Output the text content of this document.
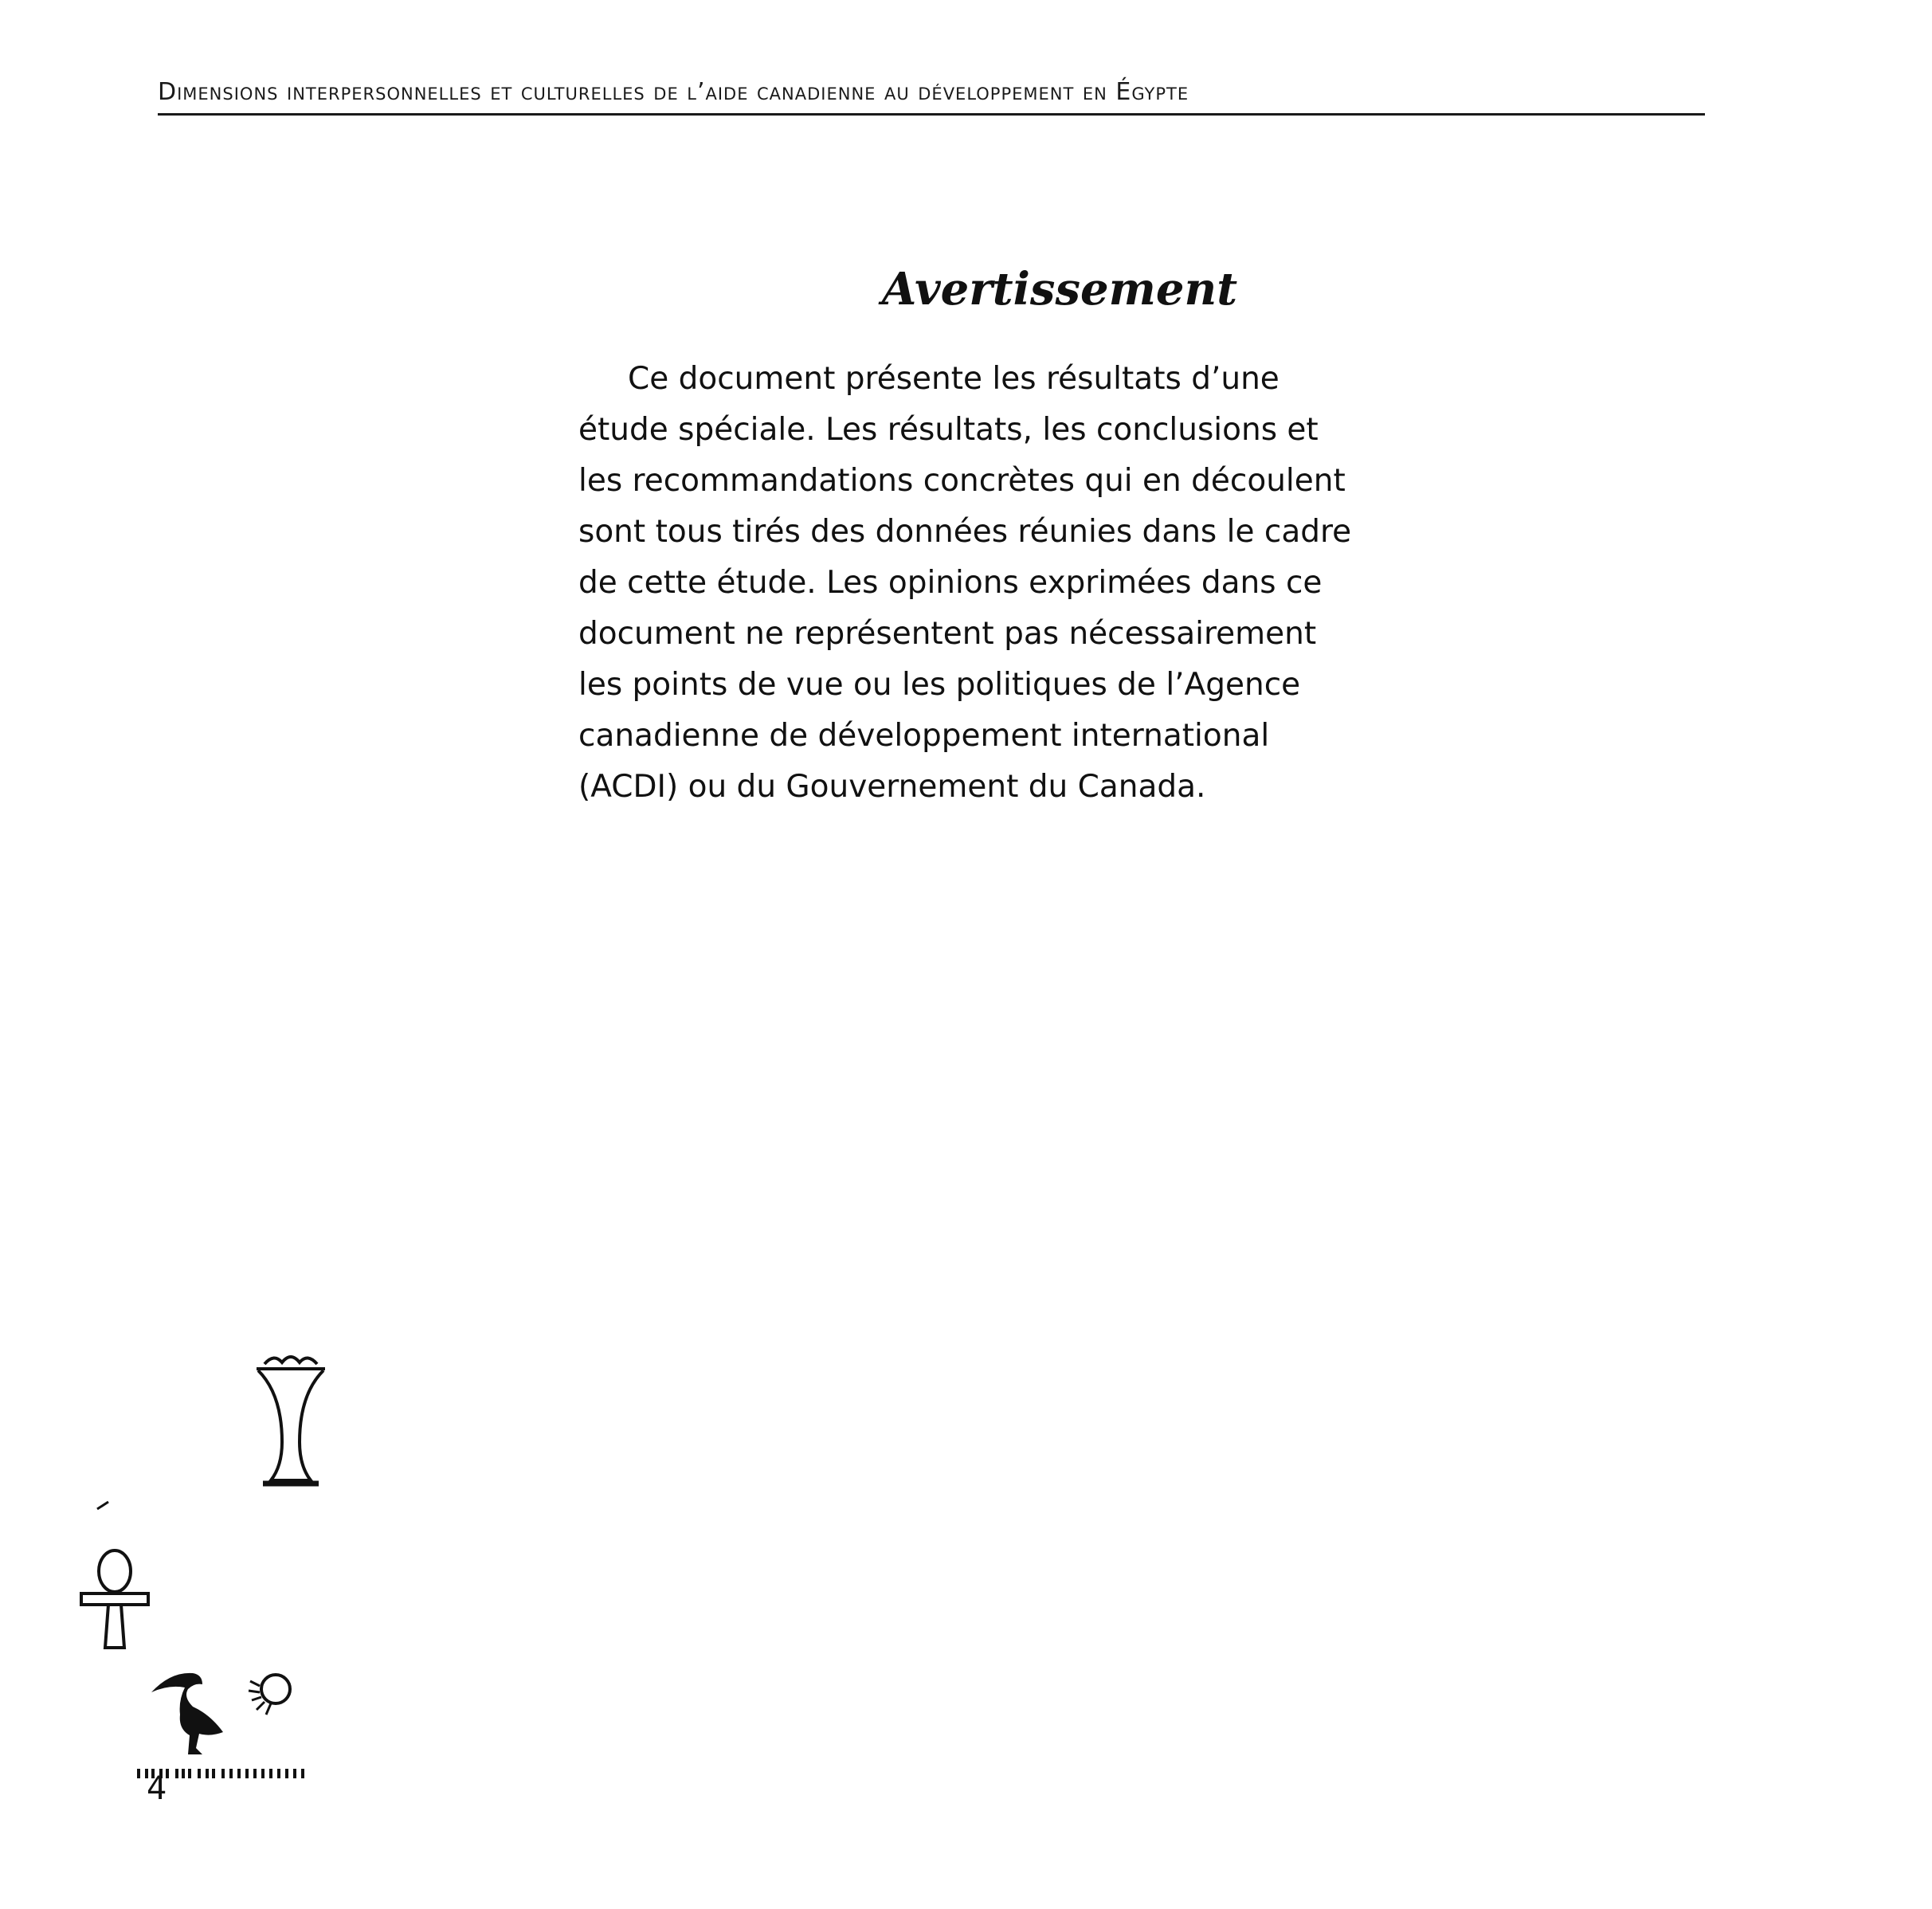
Dimensions interpersonnelles et culturelles de l’aide canadienne au développement en Égypte
Avertissement

Ce document présente les résultats d’une étude spéciale. Les résultats, les conclusions et les recommandations concrètes qui en découlent sont tous tirés des données réunies dans le cadre de cette étude. Les opinions exprimées dans ce document ne représentent pas nécessairement les points de vue ou les politiques de l’Agence canadienne de développement international (ACDI) ou du Gouvernement du Canada.

4
